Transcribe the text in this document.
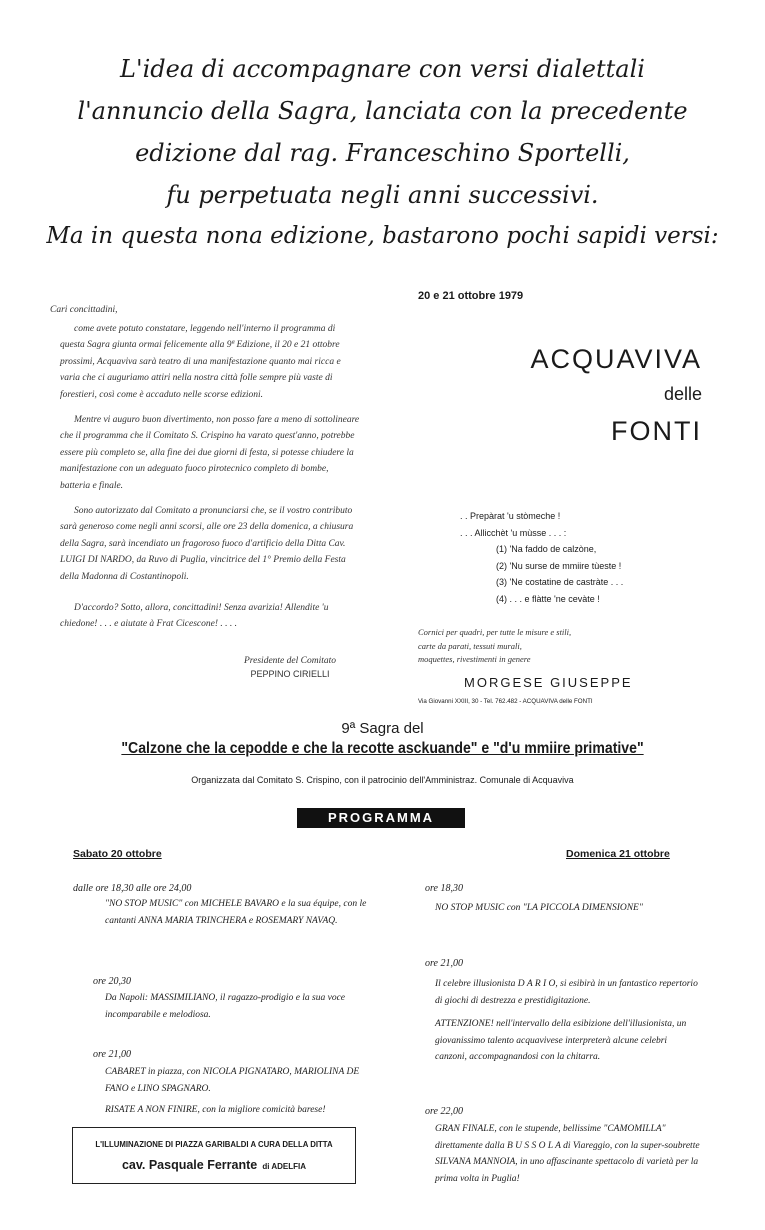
L'idea di accompagnare con versi dialettali
l'annuncio della Sagra, lanciata con la precedente
edizione dal rag. Franceschino Sportelli,
fu perpetuata negli anni successivi.
Ma in questa nona edizione, bastarono pochi sapidi versi:
Cari concittadini,

come avete potuto constatare, leggendo nell'interno il programma di questa Sagra giunta ormai felicemente alla 9ª Edizione, il 20 e 21 ottobre prossimi, Acquaviva sarà teatro di una manifestazione quanto mai ricca e varia che ci auguriamo attiri nella nostra città folle sempre più vaste di forestieri, così come è accaduto nelle scorse edizioni.

Mentre vi auguro buon divertimento, non posso fare a meno di sottolineare che il programma che il Comitato S. Crispino ha varato quest'anno, potrebbe essere più completo se, alla fine dei due giorni di festa, si potesse chiudere la manifestazione con un adeguato fuoco pirotecnico completo di bombe, batteria e finale.

Sono autorizzato dal Comitato a pronunciarsi che, se il vostro contributo sarà generoso come negli anni scorsi, alle ore 23 della domenica, a chiusura della Sagra, sarà incendiato un fragoroso fuoco d'artificio della Ditta Cav. LUIGI DI NARDO, da Ruvo di Puglia, vincitrice del 1° Premio della Festa della Madonna di Costantinopoli.

D'accordo? Sotto, allora, concittadini! Senza avarizia! Allendite 'u chiedone! . . . e aiutate à Frat Cicescone! . . . .

Presidente del Comitato
PEPPINO CIRIELLI
20 e 21 ottobre 1979
ACQUAVIVA
delle
FONTI
. . Prepàrat 'u stòmeche !
. . . Allicchèt 'u mùsse . . . :
(1) 'Na faddo de calzòne,
(2) 'Nu surse de mmiire tùeste !
(3) 'Ne costatine de castràte . . .
(4) . . . e flàtte 'ne cevàte !
Cornici per quadri, per tutte le misure e stili,
carte da parati, tessuti murali,
moquettes, rivestimenti in genere
MORGESE GIUSEPPE
Via Giovanni XXIII, 30 - Tel. 762.482 - ACQUAVIVA delle FONTI
9ª Sagra del
"Calzone che la cepodde e che la recotte asckuande" e "d'u mmiire primative"
Organizzata dal Comitato S. Crispino, con il patrocinio dell'Amministraz. Comunale di Acquaviva
PROGRAMMA
Sabato 20 ottobre
dalle ore 18,30 alle ore 24,00
"NO STOP MUSIC" con MICHELE BAVARO e la sua équipe, con le cantanti ANNA MARIA TRINCHERA e ROSEMARY NAVAQ.
ore 20,30
Da Napoli: MASSIMILIANO, il ragazzo-prodigio e la sua voce incomparabile e melodiosa.
ore 21,00
CABARET in piazza, con NICOLA PIGNATARO, MARIOLINA DE FANO e LINO SPAGNARO.
RISATE A NON FINIRE, con la migliore comicità barese!
L'ILLUMINAZIONE DI PIAZZA GARIBALDI A CURA DELLA DITTA
cav. Pasquale Ferrante di ADELFIA
Domenica 21 ottobre
ore 18,30
NO STOP MUSIC con "LA PICCOLA DIMENSIONE"
ore 21,00
Il celebre illusionista D A R I O, si esibirà in un fantastico repertorio di giochi di destrezza e prestidigitazione.
ATTENZIONE! nell'intervallo della esibizione dell'illusionista, un giovanissimo talento acquavivese interpreterà alcune celebri canzoni, accompagnandosi con la chitarra.
ore 22,00
GRAN FINALE, con le stupende, bellissime "CAMOMILLA" direttamente dalla B U S S O L A di Viareggio, con la super-soubrette SILVANA MANNOIA, in uno affascinante spettacolo di varietà per la prima volta in Puglia!
